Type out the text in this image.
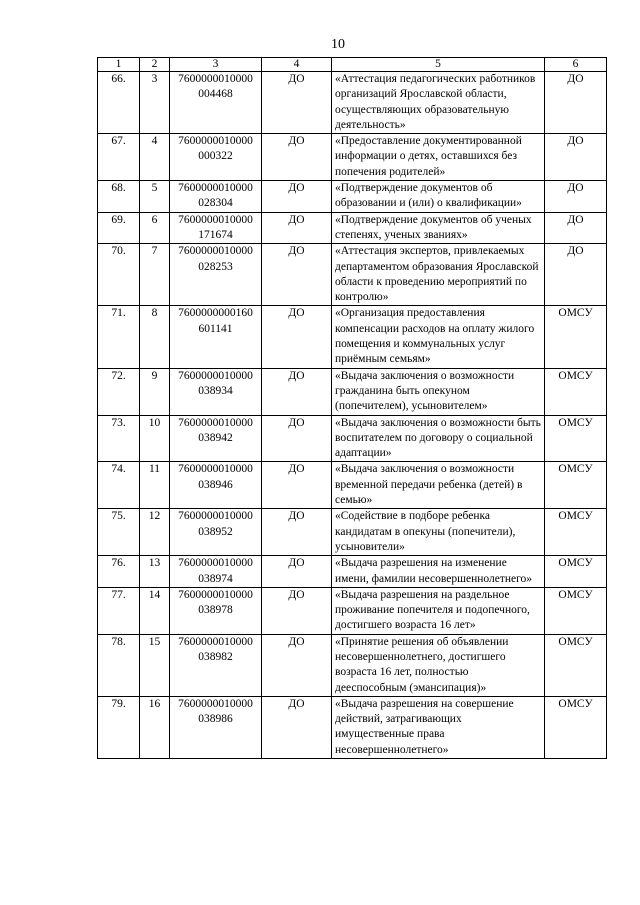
10
1	2	3	4	5	6
66.	3	7600000010000 004468	ДО	«Аттестация педагогических работников организаций Ярославской области, осуществляющих образовательную деятельность»	ДО
67.	4	7600000010000 000322	ДО	«Предоставление документированной информации о детях, оставшихся без попечения родителей»	ДО
68.	5	7600000010000 028304	ДО	«Подтверждение документов об образовании и (или) о квалификации»	ДО
69.	6	7600000010000 171674	ДО	«Подтверждение документов об ученых степенях, ученых званиях»	ДО
70.	7	7600000010000 028253	ДО	«Аттестация экспертов, привлекаемых департаментом образования Ярославской области к проведению мероприятий по контролю»	ДО
71.	8	7600000000160 601141	ДО	«Организация предоставления компенсации расходов на оплату жилого помещения и коммунальных услуг приёмным семьям»	ОМСУ
72.	9	7600000010000 038934	ДО	«Выдача заключения о возможности гражданина быть опекуном (попечителем), усыновителем»	ОМСУ
73.	10	7600000010000 038942	ДО	«Выдача заключения о возможности быть воспитателем по договору о социальной адаптации»	ОМСУ
74.	11	7600000010000 038946	ДО	«Выдача заключения о возможности временной передачи ребенка (детей) в семью»	ОМСУ
75.	12	7600000010000 038952	ДО	«Содействие в подборе ребенка кандидатам в опекуны (попечители), усыновители»	ОМСУ
76.	13	7600000010000 038974	ДО	«Выдача разрешения на изменение имени, фамилии несовершеннолетнего»	ОМСУ
77.	14	7600000010000 038978	ДО	«Выдача разрешения на раздельное проживание попечителя и подопечного, достигшего возраста 16 лет»	ОМСУ
78.	15	7600000010000 038982	ДО	«Принятие решения об объявлении несовершеннолетнего, достигшего возраста 16 лет, полностью дееспособным (эмансипация)»	ОМСУ
79.	16	7600000010000 038986	ДО	«Выдача разрешения на совершение действий, затрагивающих имущественные права несовершеннолетнего»	ОМСУ
